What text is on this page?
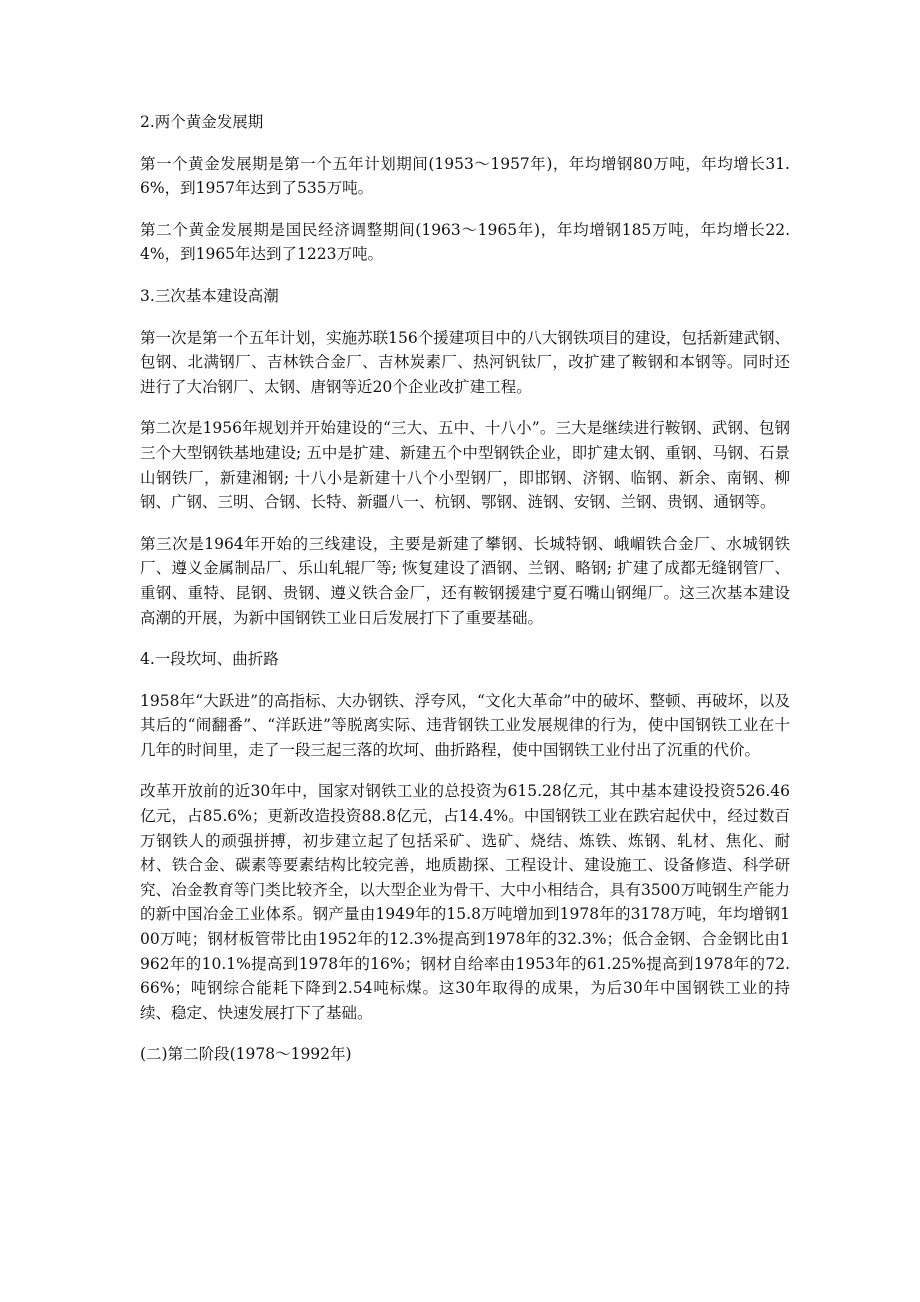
2.两个黄金发展期

第一个黄金发展期是第一个五年计划期间(1953～1957年)，年均增钢80万吨，年均增长31.6%，到1957年达到了535万吨。

第二个黄金发展期是国民经济调整期间(1963～1965年)，年均增钢185万吨，年均增长22.4%，到1965年达到了1223万吨。

3.三次基本建设高潮

第一次是第一个五年计划，实施苏联156个援建项目中的八大钢铁项目的建设，包括新建武钢、包钢、北满钢厂、吉林铁合金厂、吉林炭素厂、热河钒钛厂，改扩建了鞍钢和本钢等。同时还进行了大冶钢厂、太钢、唐钢等近20个企业改扩建工程。

第二次是1956年规划并开始建设的“三大、五中、十八小”。三大是继续进行鞍钢、武钢、包钢三个大型钢铁基地建设; 五中是扩建、新建五个中型钢铁企业，即扩建太钢、重钢、马钢、石景山钢铁厂，新建湘钢; 十八小是新建十八个小型钢厂，即邯钢、济钢、临钢、新余、南钢、柳钢、广钢、三明、合钢、长特、新疆八一、杭钢、鄂钢、涟钢、安钢、兰钢、贵钢、通钢等。

第三次是1964年开始的三线建设，主要是新建了攀钢、长城特钢、峨嵋铁合金厂、水城钢铁厂、遵义金属制品厂、乐山轧辊厂等; 恢复建设了酒钢、兰钢、略钢; 扩建了成都无缝钢管厂、重钢、重特、昆钢、贵钢、遵义铁合金厂，还有鞍钢援建宁夏石嘴山钢绳厂。这三次基本建设高潮的开展，为新中国钢铁工业日后发展打下了重要基础。

4.一段坎坷、曲折路

1958年“大跃进”的高指标、大办钢铁、浮夸风，“文化大革命”中的破坏、整顿、再破坏，以及其后的“闹翻番”、“洋跃进”等脱离实际、违背钢铁工业发展规律的行为，使中国钢铁工业在十几年的时间里，走了一段三起三落的坎坷、曲折路程，使中国钢铁工业付出了沉重的代价。

改革开放前的近30年中，国家对钢铁工业的总投资为615.28亿元，其中基本建设投资526.46亿元，占85.6%；更新改造投资88.8亿元，占14.4%。中国钢铁工业在跌宕起伏中，经过数百万钢铁人的顽强拼搏，初步建立起了包括采矿、选矿、烧结、炼铁、炼钢、轧材、焦化、耐材、铁合金、碳素等要素结构比较完善，地质勘探、工程设计、建设施工、设备修造、科学研究、冶金教育等门类比较齐全，以大型企业为骨干、大中小相结合，具有3500万吨钢生产能力的新中国冶金工业体系。钢产量由1949年的15.8万吨增加到1978年的3178万吨，年均增钢100万吨；钢材板管带比由1952年的12.3%提高到1978年的32.3%；低合金钢、合金钢比由1962年的10.1%提高到1978年的16%；钢材自给率由1953年的61.25%提高到1978年的72.66%；吨钢综合能耗下降到2.54吨标煤。这30年取得的成果，为后30年中国钢铁工业的持续、稳定、快速发展打下了基础。

(二)第二阶段(1978～1992年)
